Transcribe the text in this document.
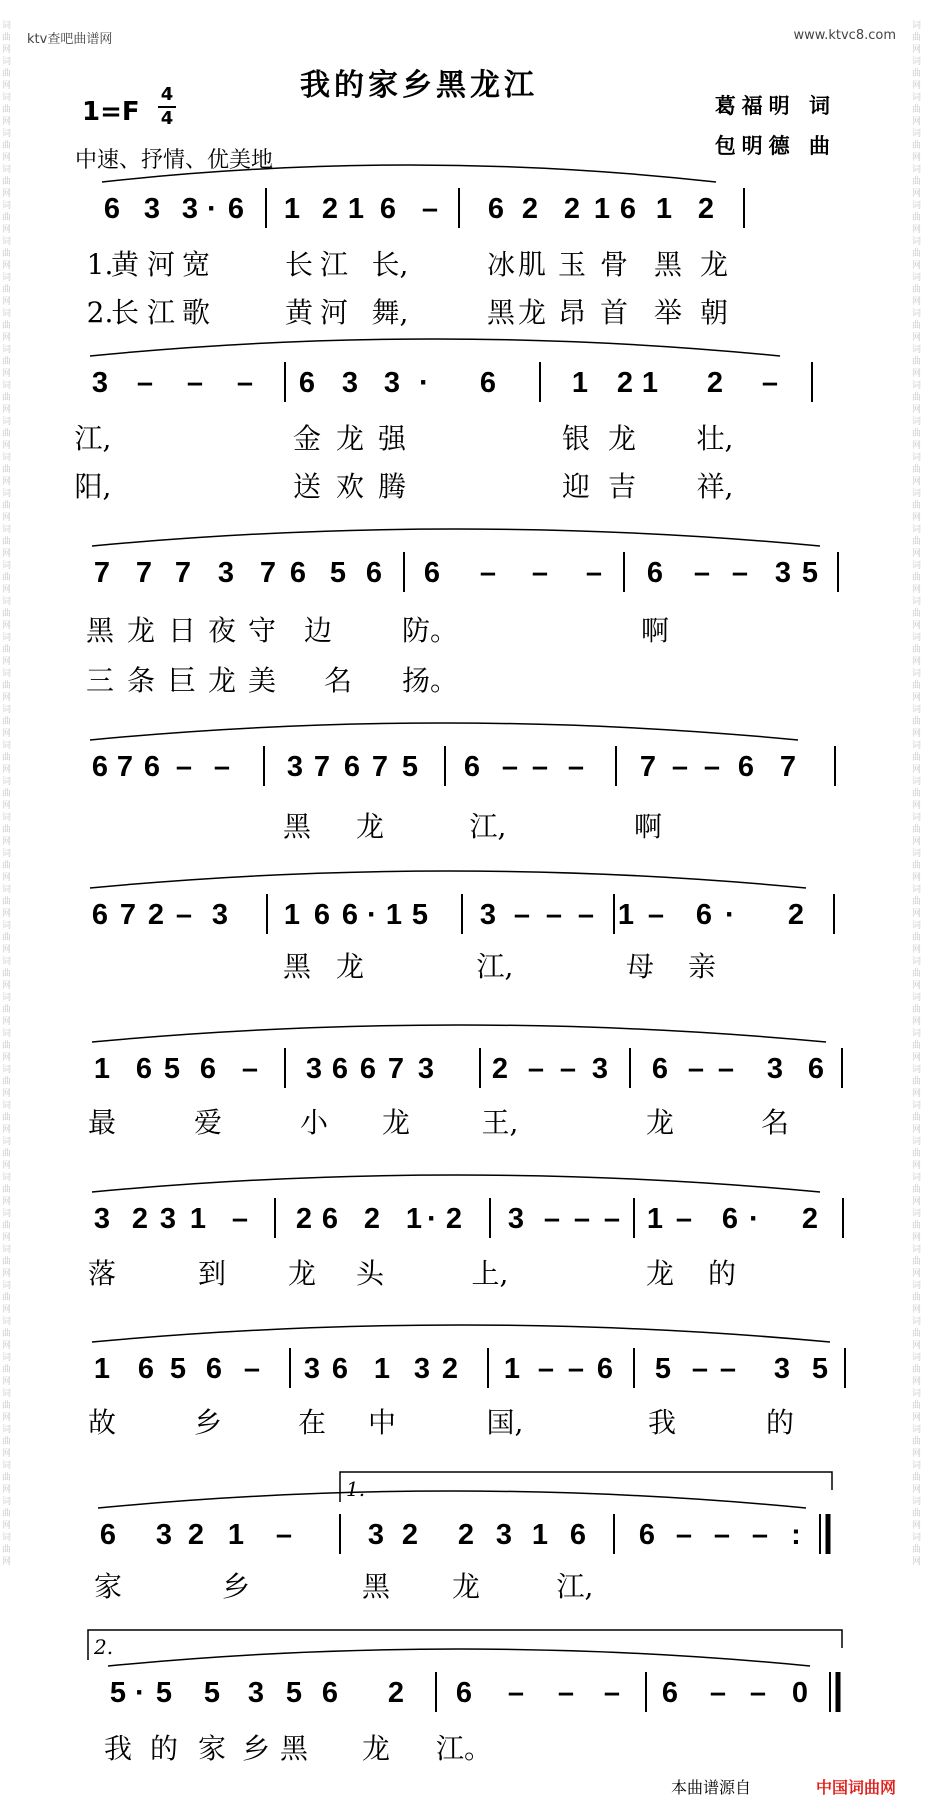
词曲网词曲网词曲网词曲网词曲网词曲网词曲网词曲网词曲网词曲网词曲网词曲网词曲网词曲网词曲网词曲网词曲网词曲网词曲网词曲网词曲网词曲网词曲网词曲网词曲网词曲网词曲网词曲网词曲网词曲网词曲网词曲网词曲网词曲网词曲网词曲网词曲网词曲网词曲网词曲网词曲网词曲网词曲网
词曲网词曲网词曲网词曲网词曲网词曲网词曲网词曲网词曲网词曲网词曲网词曲网词曲网词曲网词曲网词曲网词曲网词曲网词曲网词曲网词曲网词曲网词曲网词曲网词曲网词曲网词曲网词曲网词曲网词曲网词曲网词曲网词曲网词曲网词曲网词曲网词曲网词曲网词曲网词曲网词曲网词曲网词曲网
ktv查吧曲谱网	www.ktvc8.com
我的家乡黑龙江
1=F
4
4
中速、抒情、优美地
葛福明 词
包明德 曲
6 3 3 · 6 1 2 1 6 – 6 2 2 1 6 1 2
1.
黄 河 宽	长 江 长,	冰 肌 玉 骨 黑 龙
2.
长 江 歌	黄 河 舞,	黑 龙 昂 首 举 朝
3 – – – 6 3 3 · 6	1 2 1 2 –
江,	金 龙 强	银 龙 壮,
阳,	送 欢 腾	迎 吉 祥,
7 7 7 3 7 6 5 6 6 – – – 6 – – 3 5
黑 龙 日 夜 守 边 防。	啊
三 条 巨 龙 美 名 扬。
6 7 6 – – 3 7 6 7 5 6 – – – 7 – – 6 7
黑 龙	江,	啊
6 7 2 – 3 1 6 6 · 1 5 3 – – – 1 – 6 · 2
黑 龙	江,	母 亲
1 6 5 6 – 3 6 6 7 3 2 – – 3 6 – – 3 6
最	爱	小 龙	王,	龙	名
3 2 3 1 – 2 6 2 1 · 2 3 – – – 1 – 6 · 2
落	到 龙 头	上,	龙 的
1 6 5 6 – 3 6 1 3 2 1 – – 6 5 – – 3 5
故	乡	在 中	国,	我	的
6 3 2 1 –	3 2 2 3 1 6 6 – – – :
家	乡	黑 龙	江,
5 · 5 5 3 5 6 2 6 – – – 6 – – 0
我 的 家 乡 黑 龙 江。
1.
2.
本曲谱源自	中国词曲网
